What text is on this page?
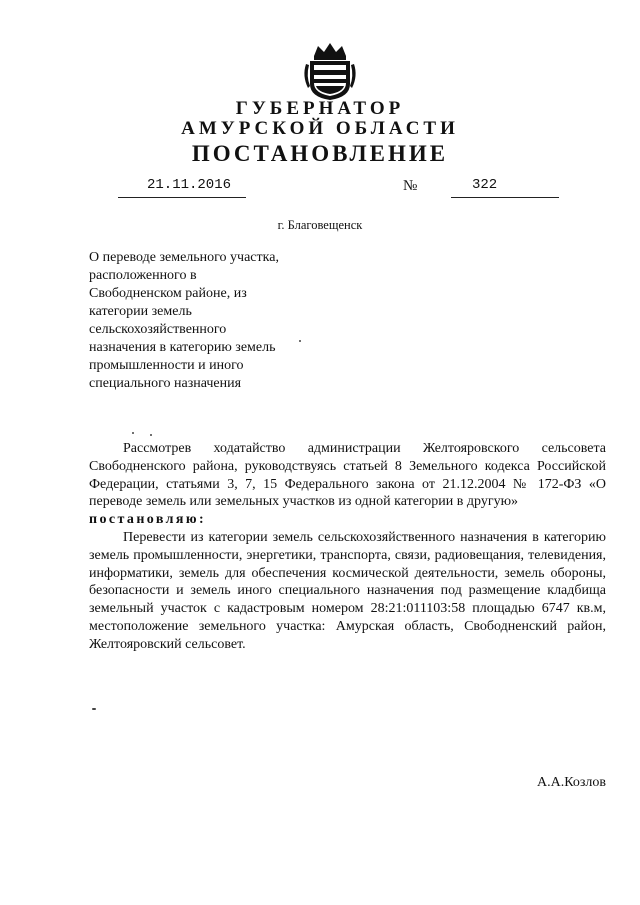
ГУБЕРНАТОР
АМУРСКОЙ ОБЛАСТИ
ПОСТАНОВЛЕНИЕ
21.11.2016	№	322
г. Благовещенск
О переводе земельного участка,
расположенного в
Свободненском районе, из
категории земель
сельскохозяйственного
назначения в категорию земель
промышленности и иного
специального назначения

Рассмотрев ходатайство администрации Желтояровского сельсовета Свободненского района, руководствуясь статьей 8 Земельного кодекса Российской Федерации, статьями 3, 7, 15 Федерального закона от 21.12.2004 № 172-ФЗ «О переводе земель или земельных участков из одной категории в другую»

постановляю:

Перевести из категории земель сельскохозяйственного назначения в категорию земель промышленности, энергетики, транспорта, связи, радиовещания, телевидения, информатики, земель для обеспечения космической деятельности, земель обороны, безопасности и земель иного специального назначения под размещение кладбища земельный участок с кадастровым номером 28:21:011103:58 площадью 6747 кв.м, местоположение земельного участка: Амурская область, Свободненский район, Желтояровский сельсовет.

А.А.Козлов
